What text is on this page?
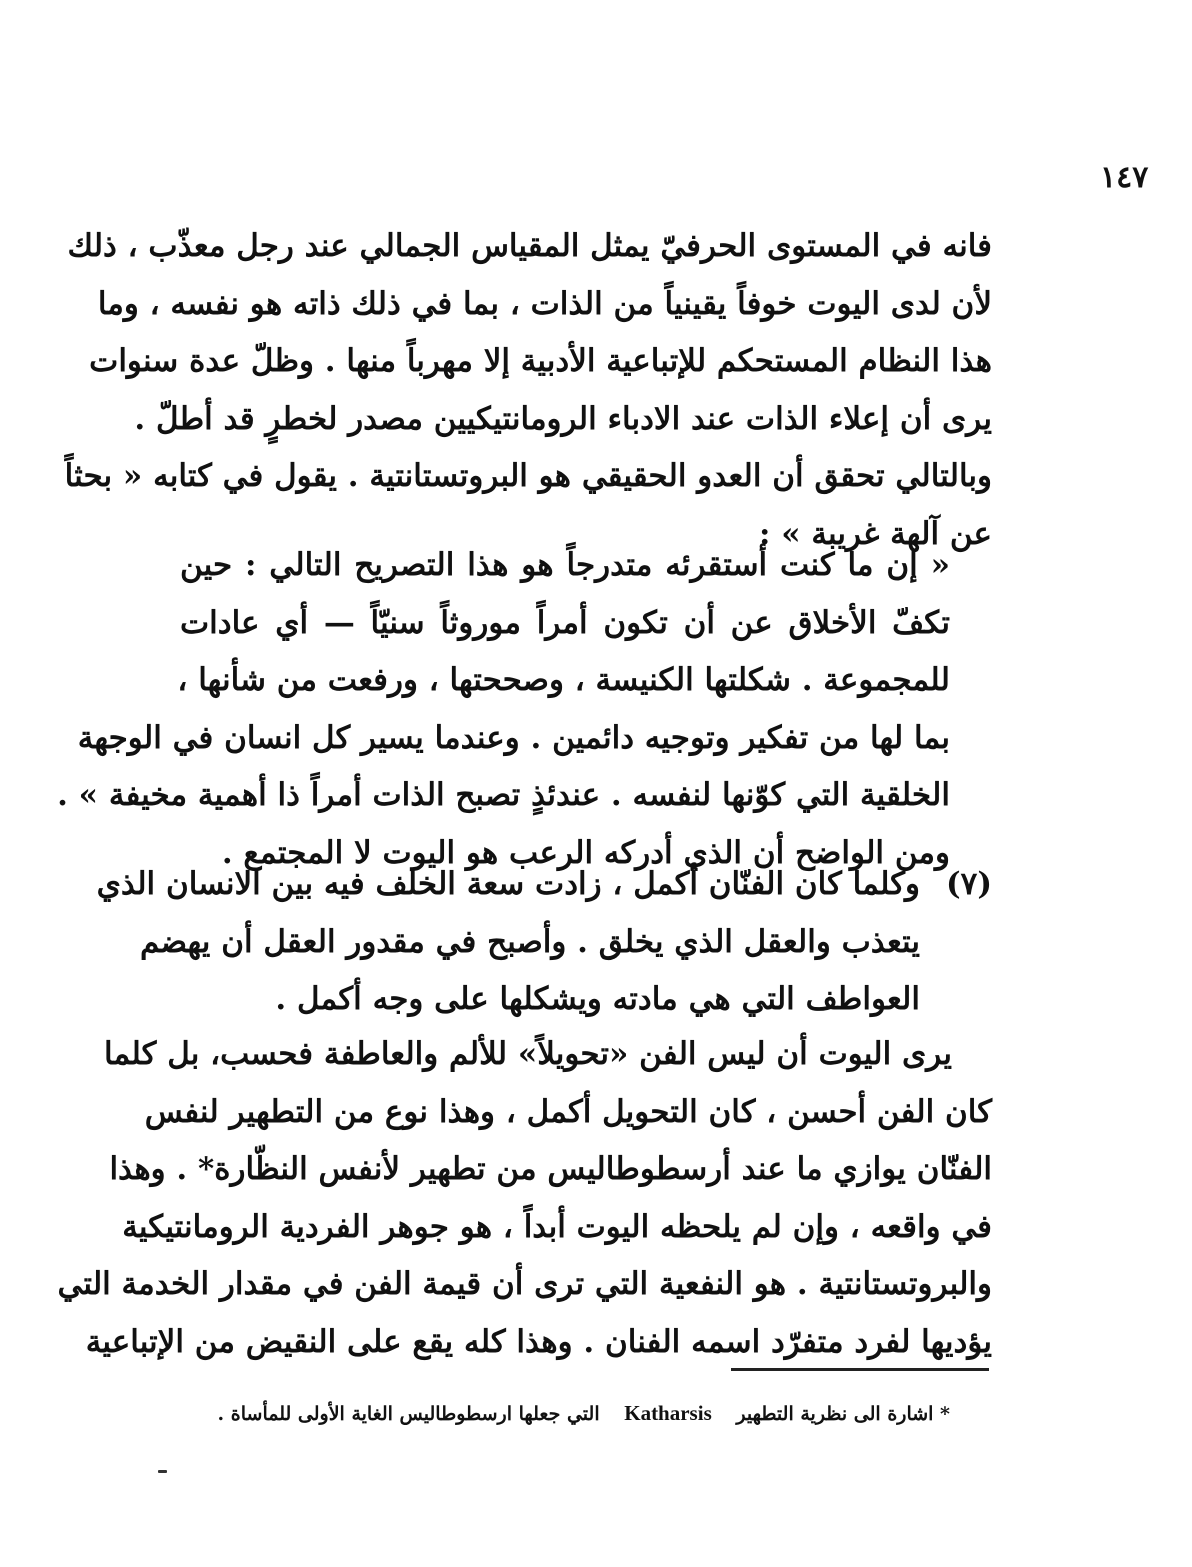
١٤٧
فانه في المستوى الحرفيّ يمثل المقياس الجمالي عند رجل معذّب ، ذلك
لأن لدى اليوت خوفاً يقينياً من الذات ، بما في ذلك ذاته هو نفسه ، وما
هذا النظام المستحكم للإتباعية الأدبية إلا مهرباً منها . وظلّ عدة سنوات
يرى أن إعلاء الذات عند الادباء الرومانتيكيين مصدر لخطرٍ قد أطلّ .
وبالتالي تحقق أن العدو الحقيقي هو البروتستانتية . يقول في كتابه « بحثاً
عن آلهة غريبة » :
« إن ما كنت أستقرئه متدرجاً هو هذا التصريح التالي : حين
تكفّ الأخلاق عن أن تكون أمراً موروثاً سنيّاً — أي عادات
للمجموعة . شكلتها الكنيسة ، وصححتها ، ورفعت من شأنها ،
بما لها من تفكير وتوجيه دائمين . وعندما يسير كل انسان في الوجهة
الخلقية التي كوّنها لنفسه . عندئذٍ تصبح الذات أمراً ذا أهمية مخيفة » .
ومن الواضح أن الذي أدركه الرعب هو اليوت لا المجتمع .
(٧)
وكلما كان الفنّان أكمل ، زادت سعة الخلف فيه بين الانسان الذي
يتعذب والعقل الذي يخلق . وأصبح في مقدور العقل أن يهضم
العواطف التي هي مادته ويشكلها على وجه أكمل .
يرى اليوت أن ليس الفن «تحويلاً» للألم والعاطفة فحسب، بل كلما
كان الفن أحسن ، كان التحويل أكمل ، وهذا نوع من التطهير لنفس
الفنّان يوازي ما عند أرسطوطاليس من تطهير لأنفس النظّارة* . وهذا
في واقعه ، وإن لم يلحظه اليوت أبداً ، هو جوهر الفردية الرومانتيكية
والبروتستانتية . هو النفعية التي ترى أن قيمة الفن في مقدار الخدمة التي
يؤديها لفرد متفرّد اسمه الفنان . وهذا كله يقع على النقيض من الإتباعية
* اشارة الى نظرية التطهير Katharsis التي جعلها ارسطوطاليس الغاية الأولى للمأساة .
